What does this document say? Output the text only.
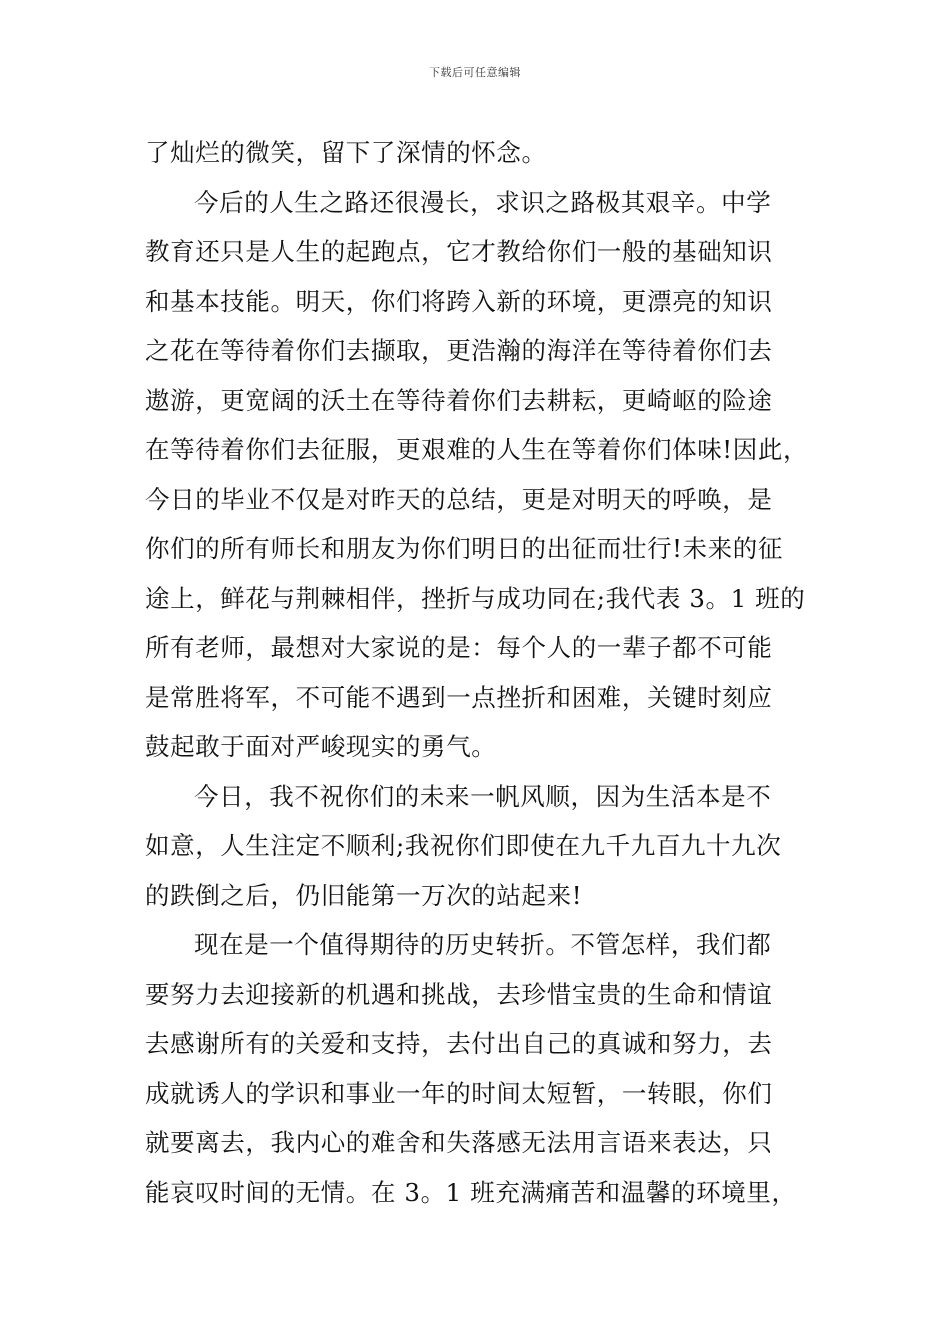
下载后可任意编辑
了灿烂的微笑，留下了深情的怀念。
今后的人生之路还很漫长，求识之路极其艰辛。中学
教育还只是人生的起跑点，它才教给你们一般的基础知识
和基本技能。明天，你们将跨入新的环境，更漂亮的知识
之花在等待着你们去撷取，更浩瀚的海洋在等待着你们去
遨游，更宽阔的沃土在等待着你们去耕耘，更崎岖的险途
在等待着你们去征服，更艰难的人生在等着你们体味!因此，
今日的毕业不仅是对昨天的总结，更是对明天的呼唤，是
你们的所有师长和朋友为你们明日的出征而壮行!未来的征
途上，鲜花与荆棘相伴，挫折与成功同在;我代表 3。1 班的
所有老师，最想对大家说的是：每个人的一辈子都不可能
是常胜将军，不可能不遇到一点挫折和困难，关键时刻应
鼓起敢于面对严峻现实的勇气。
今日，我不祝你们的未来一帆风顺，因为生活本是不
如意，人生注定不顺利;我祝你们即使在九千九百九十九次
的跌倒之后，仍旧能第一万次的站起来!
现在是一个值得期待的历史转折。不管怎样，我们都
要努力去迎接新的机遇和挑战，去珍惜宝贵的生命和情谊
去感谢所有的关爱和支持，去付出自己的真诚和努力，去
成就诱人的学识和事业一年的时间太短暂，一转眼，你们
就要离去，我内心的难舍和失落感无法用言语来表达，只
能哀叹时间的无情。在 3。1 班充满痛苦和温馨的环境里，
